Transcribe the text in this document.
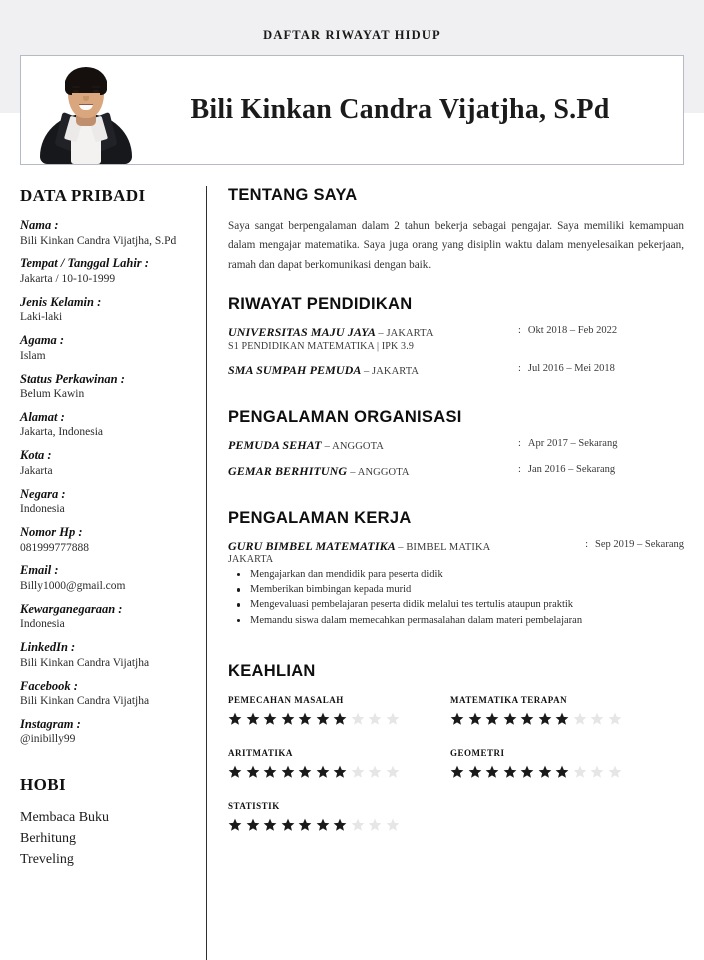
DAFTAR RIWAYAT HIDUP
Bili Kinkan Candra Vijatjha, S.Pd
DATA PRIBADI
Nama :
Bili Kinkan Candra Vijatjha, S.Pd
Tempat / Tanggal Lahir :
Jakarta / 10-10-1999
Jenis Kelamin :
Laki-laki
Agama :
Islam
Status Perkawinan :
Belum Kawin
Alamat :
Jakarta, Indonesia
Kota :
Jakarta
Negara :
Indonesia
Nomor Hp :
081999777888
Email :
Billy1000@gmail.com
Kewarganegaraan :
Indonesia
LinkedIn :
Bili Kinkan Candra Vijatjha
Facebook :
Bili Kinkan Candra Vijatjha
Instagram :
@inibilly99
HOBI
Membaca Buku
Berhitung
Treveling
TENTANG SAYA
Saya sangat berpengalaman dalam 2 tahun bekerja sebagai pengajar. Saya memiliki kemampuan dalam mengajar matematika. Saya juga orang yang disiplin waktu dalam menyelesaikan pekerjaan, ramah dan dapat berkomunikasi dengan baik.
RIWAYAT PENDIDIKAN
UNIVERSITAS MAJU JAYA – JAKARTA
S1 PENDIDIKAN MATEMATIKA | IPK 3.9
: Okt 2018 – Feb 2022
SMA SUMPAH PEMUDA – JAKARTA	: Jul 2016 – Mei 2018
PENGALAMAN ORGANISASI
PEMUDA SEHAT – ANGGOTA	: Apr 2017 – Sekarang
GEMAR BERHITUNG – ANGGOTA	: Jan 2016 – Sekarang
PENGALAMAN KERJA
GURU BIMBEL MATEMATIKA – BIMBEL MATIKA
JAKARTA
Mengajarkan dan mendidik para peserta didik
Memberikan bimbingan kepada murid
Mengevaluasi pembelajaran peserta didik melalui tes tertulis ataupun praktik
Memandu siswa dalam memecahkan permasalahan dalam materi pembelajaran
: Sep 2019 – Sekarang
KEAHLIAN
PEMECAHAN MASALAH	MATEMATIKA TERAPAN
ARITMATIKA	GEOMETRI
STATISTIK
